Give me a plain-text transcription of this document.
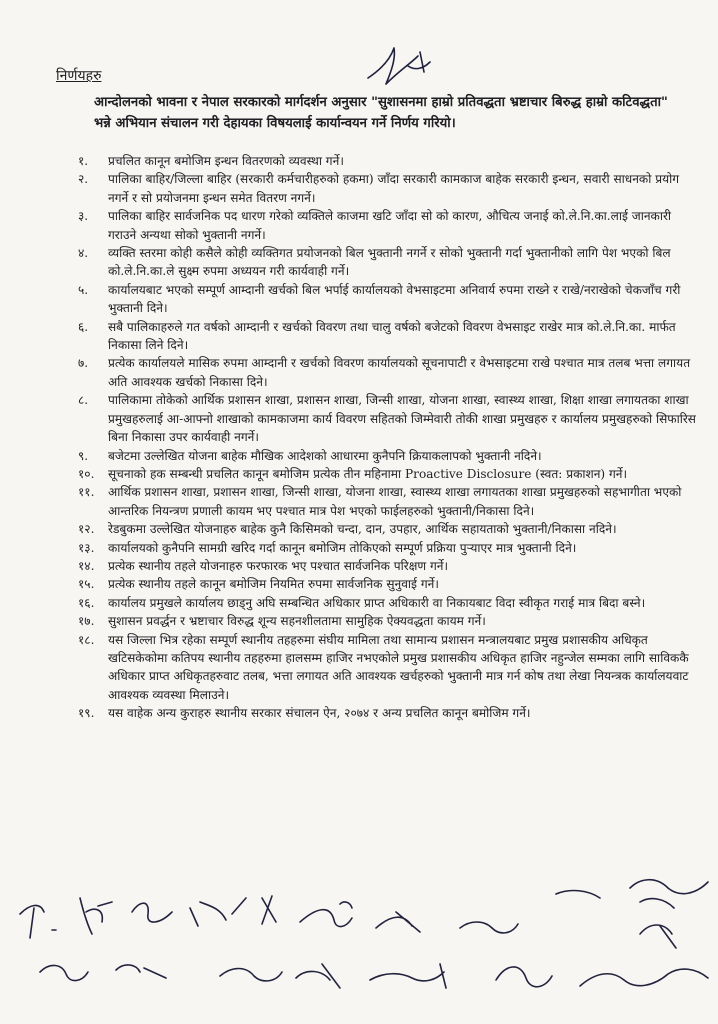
निर्णयहरु

आन्दोलनको भावना र नेपाल सरकारको मार्गदर्शन अनुसार "सुशासनमा हाम्रो प्रतिवद्धता भ्रष्टाचार बिरुद्ध हाम्रो कटिवद्धता" भन्ने अभियान संचालन गरी देहायका विषयलाई कार्यान्वयन गर्ने निर्णय गरियो।

१. प्रचलित कानून बमोजिम इन्धन वितरणको व्यवस्था गर्ने।
२. पालिका बाहिर/जिल्ला बाहिर (सरकारी कर्मचारीहरुको हकमा) जाँदा सरकारी कामकाज बाहेक सरकारी इन्धन, सवारी साधनको प्रयोग नगर्ने र सो प्रयोजनमा इन्धन समेत वितरण नगर्ने।
३. पालिका बाहिर सार्वजनिक पद धारण गरेको व्यक्तिले काजमा खटि जाँदा सो को कारण, औचित्य जनाई को.ले.नि.का.लाई जानकारी गराउने अन्यथा सोको भुक्तानी नगर्ने।
४. व्यक्ति स्तरमा कोही कसैले कोही व्यक्तिगत प्रयोजनको बिल भुक्तानी नगर्ने र सोको भुक्तानी गर्दा भुक्तानीको लागि पेश भएको बिल को.ले.नि.का.ले सुक्ष्म रुपमा अध्ययन गरी कार्यवाही गर्ने।
५. कार्यालयबाट भएको सम्पूर्ण आम्दानी खर्चको बिल भर्पाई कार्यालयको वेभसाइटमा अनिवार्य रुपमा राख्ने र राखे/नराखेको चेकजाँच गरी भुक्तानी दिने।
६. सबै पालिकाहरुले गत वर्षको आम्दानी र खर्चको विवरण तथा चालु वर्षको बजेटको विवरण वेभसाइट राखेर मात्र को.ले.नि.का. मार्फत निकासा लिने दिने।
७. प्रत्येक कार्यालयले मासिक रुपमा आम्दानी र खर्चको विवरण कार्यालयको सूचनापाटी र वेभसाइटमा राखे पश्चात मात्र तलब भत्ता लगायत अति आवश्यक खर्चको निकासा दिने।
८. पालिकामा तोकेको आर्थिक प्रशासन शाखा, प्रशासन शाखा, जिन्सी शाखा, योजना शाखा, स्वास्थ्य शाखा, शिक्षा शाखा लगायतका शाखा प्रमुखहरुलाई आ-आफ्नो शाखाको कामकाजमा कार्य विवरण सहितको जिम्मेवारी तोकी शाखा प्रमुखहरु र कार्यालय प्रमुखहरुको सिफारिस बिना निकासा उपर कार्यवाही नगर्ने।
९. बजेटमा उल्लेखित योजना बाहेक मौखिक आदेशको आधारमा कुनैपनि क्रियाकलापको भुक्तानी नदिने।
१०. सूचनाको हक सम्बन्धी प्रचलित कानून बमोजिम प्रत्येक तीन महिनामा Proactive Disclosure (स्वत: प्रकाशन) गर्ने।
११. आर्थिक प्रशासन शाखा, प्रशासन शाखा, जिन्सी शाखा, योजना शाखा, स्वास्थ्य शाखा लगायतका शाखा प्रमुखहरुको सहभागीता भएको आन्तरिक नियन्त्रण प्रणाली कायम भए पश्चात मात्र पेश भएको फाईलहरुको भुक्तानी/निकासा दिने।
१२. रेडबुकमा उल्लेखित योजनाहरु बाहेक कुनै किसिमको चन्दा, दान, उपहार, आर्थिक सहायताको भुक्तानी/निकासा नदिने।
१३. कार्यालयको कुनैपनि सामग्री खरिद गर्दा कानून बमोजिम तोकिएको सम्पूर्ण प्रक्रिया पुऱ्याएर मात्र भुक्तानी दिने।
१४. प्रत्येक स्थानीय तहले योजनाहरु फरफारक भए पश्चात सार्वजनिक परिक्षण गर्ने।
१५. प्रत्येक स्थानीय तहले कानून बमोजिम नियमित रुपमा सार्वजनिक सुनुवाई गर्ने।
१६. कार्यालय प्रमुखले कार्यालय छाड्नु अघि सम्बन्धित अधिकार प्राप्त अधिकारी वा निकायबाट विदा स्वीकृत गराई मात्र बिदा बस्ने।
१७. सुशासन प्रवर्द्धन र भ्रष्टाचार विरुद्ध शून्य सहनशीलतामा सामुहिक ऐक्यवद्धता कायम गर्ने।
१८. यस जिल्ला भित्र रहेका सम्पूर्ण स्थानीय तहहरुमा संघीय मामिला तथा सामान्य प्रशासन मन्त्रालयबाट प्रमुख प्रशासकीय अधिकृत खटिसकेकोमा कतिपय स्थानीय तहहरुमा हालसम्म हाजिर नभएकोले प्रमुख प्रशासकीय अधिकृत हाजिर नहुन्जेल सम्मका लागि साविककै अधिकार प्राप्त अधिकृतहरुवाट तलब, भत्ता लगायत अति आवश्यक खर्चहरुको भुक्तानी मात्र गर्न कोष तथा लेखा नियन्त्रक कार्यालयवाट आवश्यक व्यवस्था मिलाउने।
१९. यस वाहेक अन्य कुराहरु स्थानीय सरकार संचालन ऐन, २०७४ र अन्य प्रचलित कानून बमोजिम गर्ने।
